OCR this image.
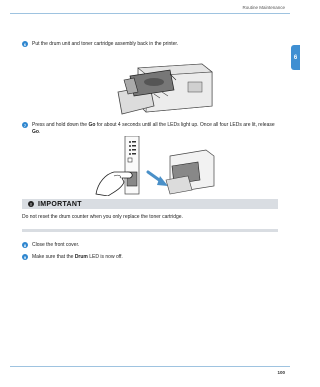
Routine Maintenance
6
6	Put the drum unit and toner cartridge assembly back in the printer.
7	Press and hold down the Go for about 4 seconds until all the LEDs light up. Once all four LEDs are lit, release Go.
! IMPORTANT
Do not reset the drum counter when you only replace the toner cartridge.
8	Close the front cover.
9	Make sure that the Drum LED is now off.
100
